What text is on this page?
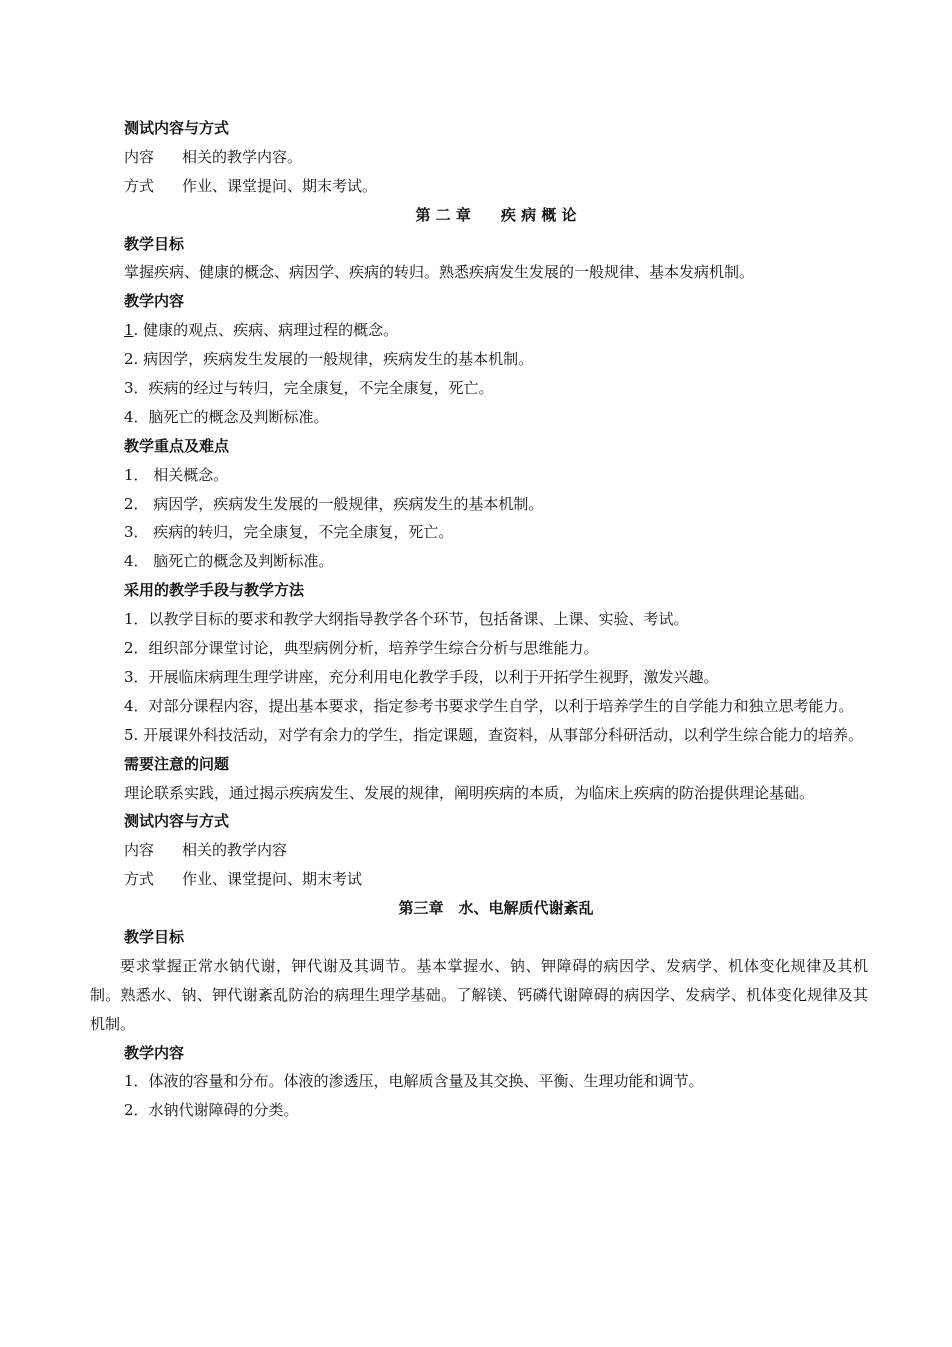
测试内容与方式
内容 相关的教学内容。
方式 作业、课堂提问、期末考试。
第 二 章　　疾 病 概 论
教学目标
掌握疾病、健康的概念、病因学、疾病的转归。熟悉疾病发生发展的一般规律、基本发病机制。
教学内容
1. 健康的观点、疾病、病理过程的概念。
2. 病因学，疾病发生发展的一般规律，疾病发生的基本机制。
3．疾病的经过与转归，完全康复，不完全康复，死亡。
4．脑死亡的概念及判断标准。
教学重点及难点
1． 相关概念。
2． 病因学，疾病发生发展的一般规律，疾病发生的基本机制。
3． 疾病的转归，完全康复，不完全康复，死亡。
4． 脑死亡的概念及判断标准。
采用的教学手段与教学方法
1．以教学目标的要求和教学大纲指导教学各个环节，包括备课、上课、实验、考试。
2．组织部分课堂讨论，典型病例分析，培养学生综合分析与思维能力。
3．开展临床病理生理学讲座，充分利用电化教学手段，以利于开拓学生视野，激发兴趣。
4．对部分课程内容，提出基本要求，指定参考书要求学生自学，以利于培养学生的自学能力和独立思考能力。
5. 开展课外科技活动，对学有余力的学生，指定课题，查资料，从事部分科研活动，以利学生综合能力的培养。
需要注意的问题
理论联系实践，通过揭示疾病发生、发展的规律，阐明疾病的本质，为临床上疾病的防治提供理论基础。
测试内容与方式
内容 相关的教学内容
方式 作业、课堂提问、期末考试
第三章　水、电解质代谢紊乱
教学目标
要求掌握正常水钠代谢，钾代谢及其调节。基本掌握水、钠、钾障碍的病因学、发病学、机体变化规律及其机制。熟悉水、钠、钾代谢紊乱防治的病理生理学基础。了解镁、钙磷代谢障碍的病因学、发病学、机体变化规律及其机制。
教学内容
1．体液的容量和分布。体液的渗透压，电解质含量及其交换、平衡、生理功能和调节。
2．水钠代谢障碍的分类。
